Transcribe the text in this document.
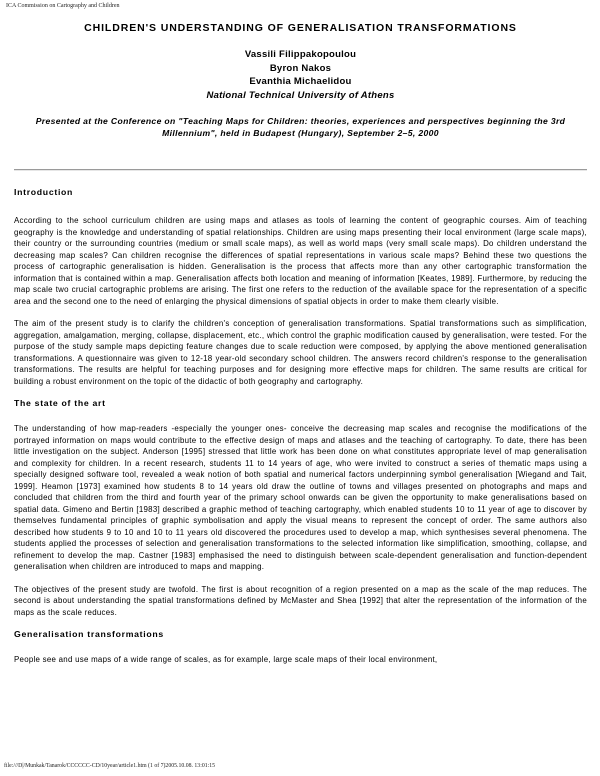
ICA Commission on Cartography and Children
CHILDREN'S UNDERSTANDING OF GENERALISATION TRANSFORMATIONS
Vassili Filippakopoulou
Byron Nakos
Evanthia Michaelidou
National Technical University of Athens
Presented at the Conference on "Teaching Maps for Children: theories, experiences and perspectives beginning the 3rd Millennium", held in Budapest (Hungary), September 2–5, 2000
Introduction

According to the school curriculum children are using maps and atlases as tools of learning the content of geographic courses. Aim of teaching geography is the knowledge and understanding of spatial relationships. Children are using maps presenting their local environment (large scale maps), their country or the surrounding countries (medium or small scale maps), as well as world maps (very small scale maps). Do children understand the decreasing map scales? Can children recognise the differences of spatial representations in various scale maps? Behind these two questions the process of cartographic generalisation is hidden. Generalisation is the process that affects more than any other cartographic transformation the information that is contained within a map. Generalisation affects both location and meaning of information [Keates, 1989]. Furthermore, by reducing the map scale two crucial cartographic problems are arising. The first one refers to the reduction of the available space for the representation of a specific area and the second one to the need of enlarging the physical dimensions of spatial objects in order to make them clearly visible.

The aim of the present study is to clarify the children's conception of generalisation transformations. Spatial transformations such as simplification, aggregation, amalgamation, merging, collapse, displacement, etc., which control the graphic modification caused by generalisation, were tested. For the purpose of the study sample maps depicting feature changes due to scale reduction were composed, by applying the above mentioned generalisation transformations. A questionnaire was given to 12-18 year-old secondary school children. The answers record children's response to the generalisation transformations. The results are helpful for teaching purposes and for designing more effective maps for children. The same results are critical for building a robust environment on the topic of the didactic of both geography and cartography.

The state of the art

The understanding of how map-readers -especially the younger ones- conceive the decreasing map scales and recognise the modifications of the portrayed information on maps would contribute to the effective design of maps and atlases and the teaching of cartography. To date, there has been little investigation on the subject. Anderson [1995] stressed that little work has been done on what constitutes appropriate level of map generalisation and complexity for children. In a recent research, students 11 to 14 years of age, who were invited to construct a series of thematic maps using a specially designed software tool, revealed a weak notion of both spatial and numerical factors underpinning symbol generalisation [Wiegand and Tait, 1999]. Heamon [1973] examined how students 8 to 14 years old draw the outline of towns and villages presented on photographs and maps and concluded that children from the third and fourth year of the primary school onwards can be given the opportunity to make generalisations based on spatial data. Gimeno and Bertin [1983] described a graphic method of teaching cartography, which enabled students 10 to 11 year of age to discover by themselves fundamental principles of graphic symbolisation and apply the visual means to represent the concept of order. The same authors also described how students 9 to 10 and 10 to 11 years old discovered the procedures used to develop a map, which synthesises several phenomena. The students applied the processes of selection and generalisation transformations to the selected information like simplification, smoothing, collapse, and refinement to develop the map. Castner [1983] emphasised the need to distinguish between scale-dependent generalisation and function-dependent generalisation when children are introduced to maps and mapping.

The objectives of the present study are twofold. The first is about recognition of a region presented on a map as the scale of the map reduces. The second is about understanding the spatial transformations defined by McMaster and Shea [1992] that alter the representation of the information of the maps as the scale reduces.

Generalisation transformations

People see and use maps of a wide range of scales, as for example, large scale maps of their local environment,

file:///D|/Munkak/Tanarok/CCCCCC-CD/10year/article1.htm (1 of 7)2005.10.08. 13:01:15
